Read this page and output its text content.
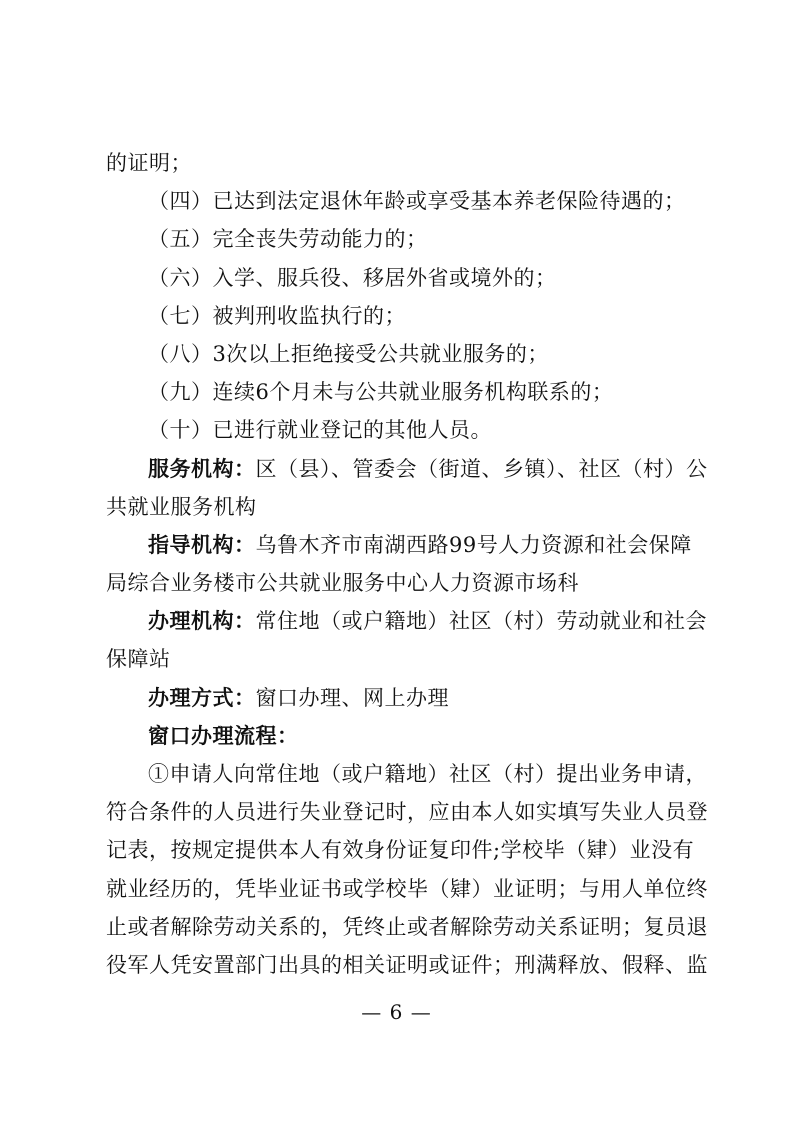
的证明；
（四）已达到法定退休年龄或享受基本养老保险待遇的；
（五）完全丧失劳动能力的；
（六）入学、服兵役、移居外省或境外的；
（七）被判刑收监执行的；
（八）3次以上拒绝接受公共就业服务的；
（九）连续6个月未与公共就业服务机构联系的；
（十）已进行就业登记的其他人员。
服务机构：区（县）、管委会（街道、乡镇）、社区（村）公
共就业服务机构
指导机构：乌鲁木齐市南湖西路99号人力资源和社会保障
局综合业务楼市公共就业服务中心人力资源市场科
办理机构：常住地（或户籍地）社区（村）劳动就业和社会
保障站
办理方式：窗口办理、网上办理
窗口办理流程：
①申请人向常住地（或户籍地）社区（村）提出业务申请，
符合条件的人员进行失业登记时，应由本人如实填写失业人员登
记表，按规定提供本人有效身份证复印件;学校毕（肄）业没有
就业经历的，凭毕业证书或学校毕（肄）业证明；与用人单位终
止或者解除劳动关系的，凭终止或者解除劳动关系证明；复员退
役军人凭安置部门出具的相关证明或证件；刑满释放、假释、监
— 6 —
